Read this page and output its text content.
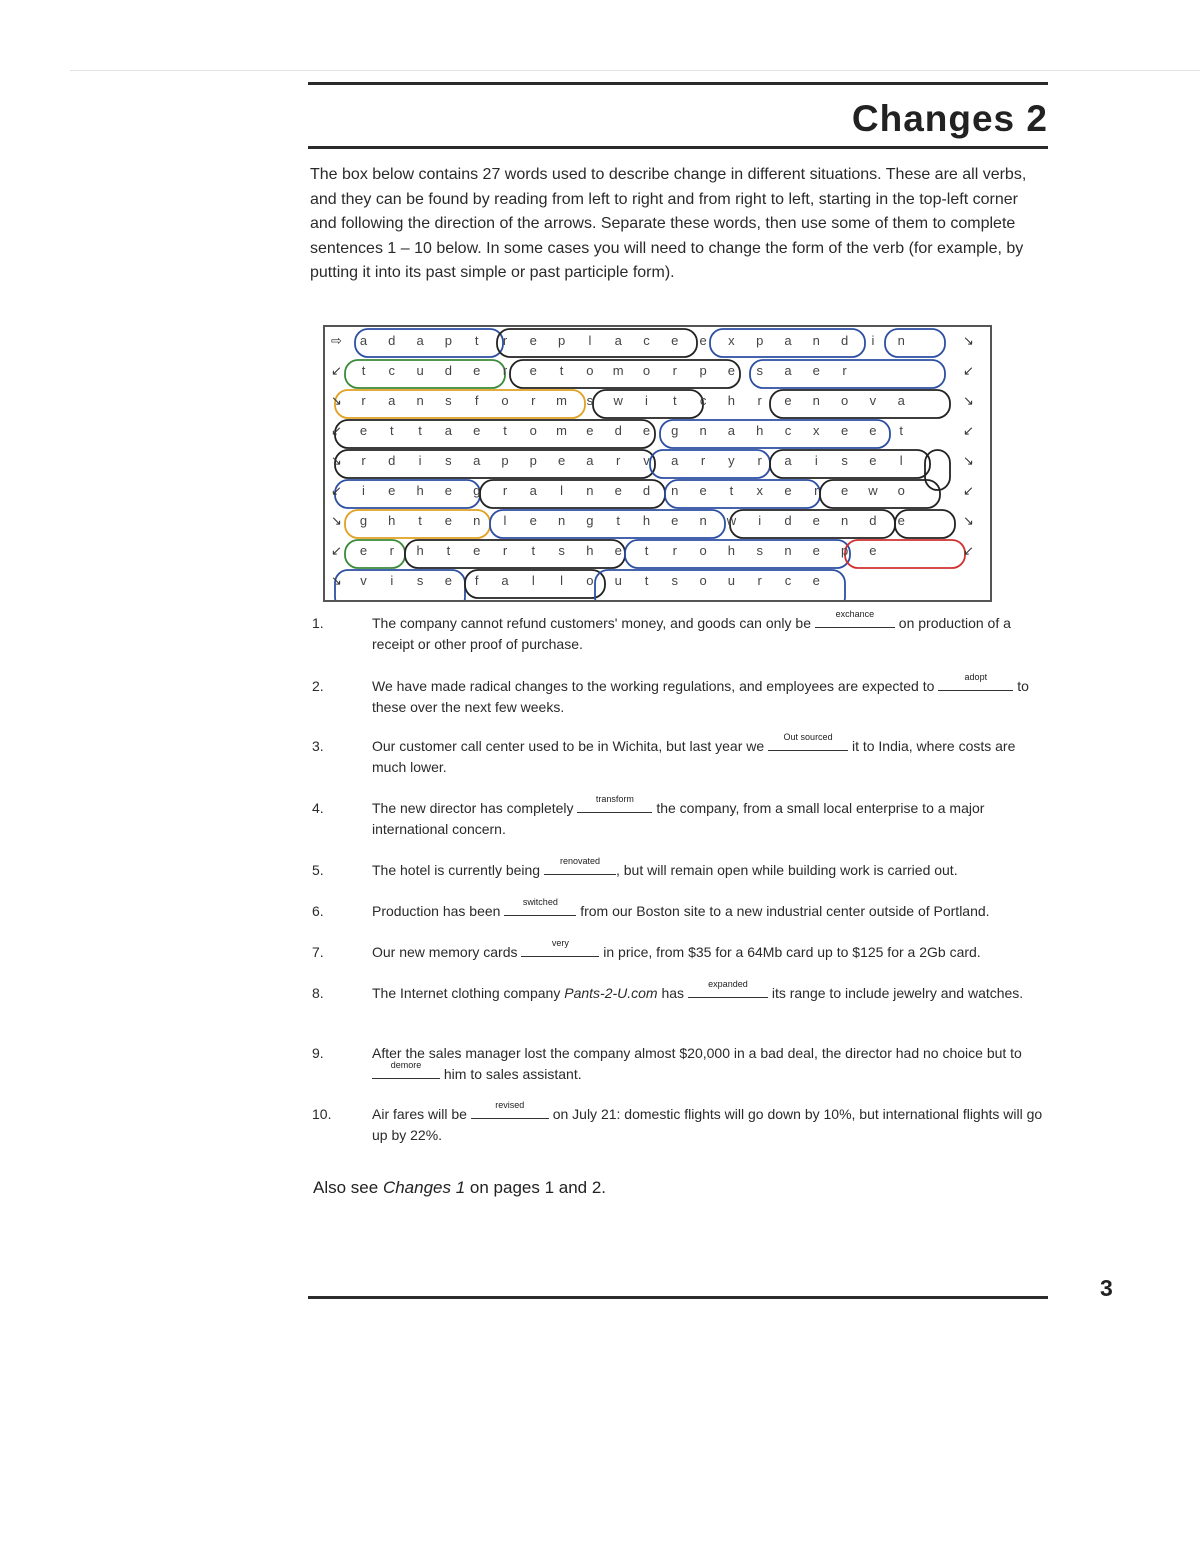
Changes 2
The box below contains 27 words used to describe change in different situations. These are all verbs, and they can be found by reading from left to right and from right to left, starting in the top-left corner and following the direction of the arrows. Separate these words, then use some of them to complete sentences 1 – 10 below. In some cases you will need to change the form of the verb (for example, by putting it into its past simple or past participle form).
⇨	a	d	a	p	t	r	e	p	l	a	c	e	e	x	p	a	n	d	i	n	↘
↙	t	c	u	d	e	r	e	t	o	m	o	r	p	e	s	a	e	r	↙
↘	r	a	n	s	f	o	r	m	s	w	i	t	c	h	r	e	n	o	v	a	↘
↙	e	t	t	a	e	t	o	m	e	d	e	g	n	a	h	c	x	e	e	t	↙
↘	r	d	i	s	a	p	p	e	a	r	v	a	r	y	r	a	i	s	e	l	↘
↙	i	e	h	e	g	r	a	l	n	e	d	n	e	t	x	e	r	e	w	o	↙
↘	g	h	t	e	n	l	e	n	g	t	h	e	n	w	i	d	e	n	d	e	↘
↙	e	r	h	t	e	r	t	s	h	e	t	r	o	h	s	n	e	p	e	↙
↘	v	i	s	e	f	a	l	l	o	u	t	s	o	u	r	c	e
1.	The company cannot refund customers' money, and goods can only be
exchance
on production of a receipt or other proof of purchase.
2.	We have made radical changes to the working regulations, and employees are expected to
adopt
to these over the next few weeks.
3.	Our customer call center used to be in Wichita, but last year we
Out sourced
it to India, where costs are much lower.
4.	The new director has completely
transform
the company, from a small local enterprise to a major international concern.
5.	The hotel is currently being
renovated
, but will remain open while building work is carried out.
6.	Production has been
switched
from our Boston site to a new industrial center outside of Portland.
7.	Our new memory cards
very
in price, from $35 for a 64Mb card up to $125 for a 2Gb card.
8.	The Internet clothing company Pants-2-U.com has
expanded
its range to include jewelry and watches.
9.	After the sales manager lost the company almost $20,000 in a bad deal, the director had no choice but to
demore
him to sales assistant.
10.	Air fares will be
revised
on July 21: domestic flights will go down by 10%, but international flights will go up by 22%.
Also see Changes 1 on pages 1 and 2.
3
